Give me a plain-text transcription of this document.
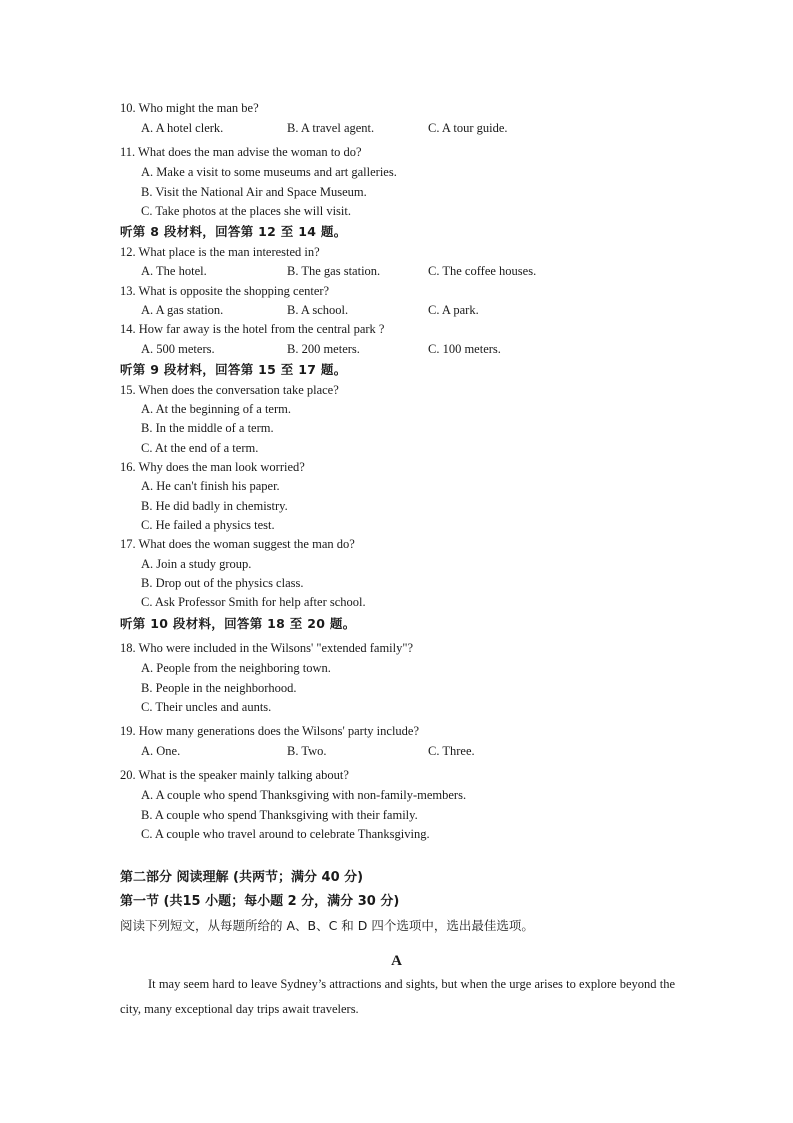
10. Who might the man be?
A. A hotel clerk.	B. A travel agent.	C. A tour guide.
11. What does the man advise the woman to do?
A. Make a visit to some museums and art galleries.
B. Visit the National Air and Space Museum.
C. Take photos at the places she will visit.
听第 8 段材料，回答第 12 至 14 题。
12. What place is the man interested in?
A. The hotel.	B. The gas station.	C. The coffee houses.
13. What is opposite the shopping center?
A. A gas station.	B. A school.	C. A park.
14. How far away is the hotel from the central park ?
A. 500 meters.	B. 200 meters.	C. 100 meters.
听第 9 段材料，回答第 15 至 17 题。
15. When does the conversation take place?
A. At the beginning of a term.
B. In the middle of a term.
C. At the end of a term.
16. Why does the man look worried?
A. He can't finish his paper.
B. He did badly in chemistry.
C. He failed a physics test.
17. What does the woman suggest the man do?
A. Join a study group.
B. Drop out of the physics class.
C. Ask Professor Smith for help after school.
听第 10 段材料，回答第 18 至 20 题。
18. Who were included in the Wilsons' "extended family"?
A. People from the neighboring town.
B. People in the neighborhood.
C. Their uncles and aunts.
19. How many generations does the Wilsons' party include?
A. One.	B. Two.	C. Three.
20. What is the speaker mainly talking about?
A. A couple who spend Thanksgiving with non-family-members.
B. A couple who spend Thanksgiving with their family.
C. A couple who travel around to celebrate Thanksgiving.
第二部分 阅读理解 (共两节；满分 40 分)
第一节 (共15 小题；每小题 2 分，满分 30 分)
阅读下列短文，从每题所给的 A、B、C 和 D 四个选项中，选出最佳选项。
A
It may seem hard to leave Sydney’s attractions and sights, but when the urge arises to explore beyond the city, many exceptional day trips await travelers.
